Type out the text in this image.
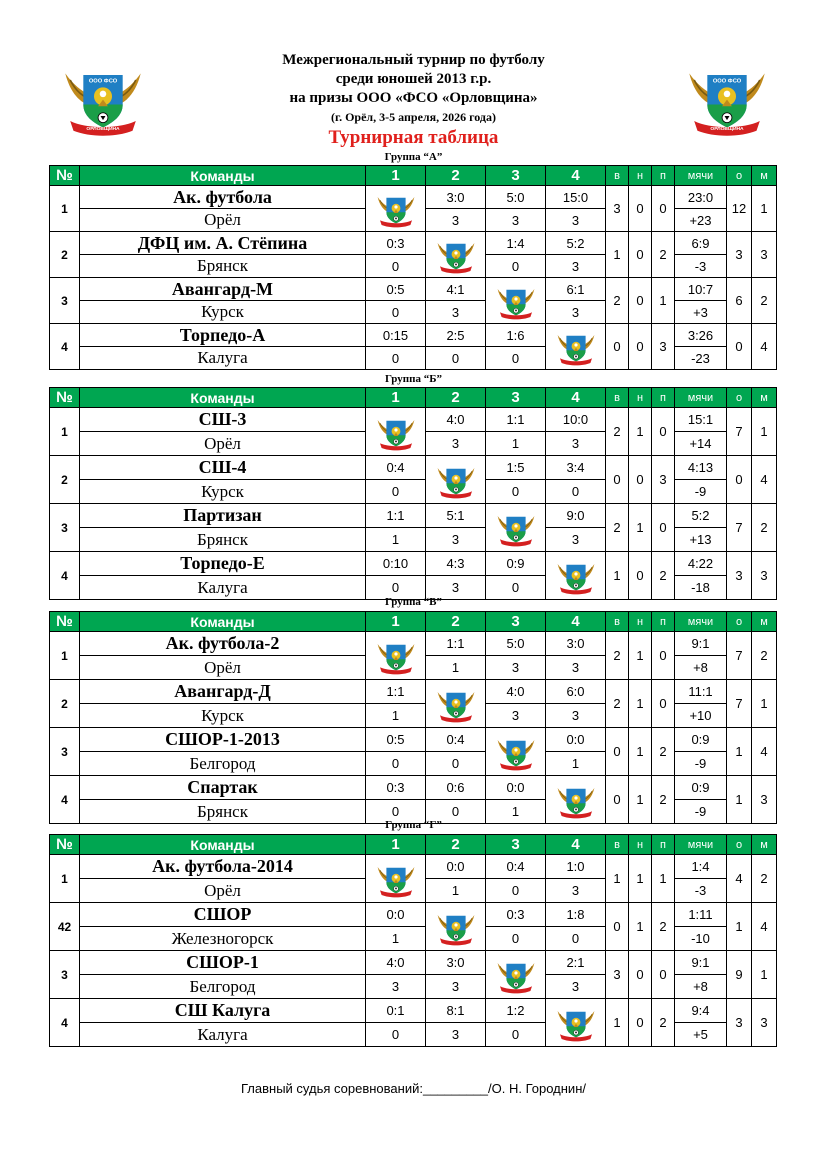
Межрегиональный турнир по футболу
среди юношей 2013 г.р.
на призы ООО «ФСО «Орловщина»
(г. Орёл, 3-5 апреля, 2026 года)
Турнирная таблица
ООО ФСО
ОРЛОВЩИНА
ООО ФСО
ОРЛОВЩИНА
Группа “А”
№	Команды	1	2	3	4	в	н	п	мячи	о	м
1	Ак. футбола		3:0	5:0	15:0	3	0	0	23:0	12	1
	Орёл		3	3	3				+23		
2	ДФЦ им. А. Стёпина	0:3		1:4	5:2	1	0	2	6:9	3	3
	Брянск	0		0	3				-3		
3	Авангард-М	0:5	4:1		6:1	2	0	1	10:7	6	2
	Курск	0	3		3				+3		
4	Торпедо-А	0:15	2:5	1:6		0	0	3	3:26	0	4
	Калуга	0	0	0					-23		
Группа “Б”
№	Команды	1	2	3	4	в	н	п	мячи	о	м
1	СШ-3		4:0	1:1	10:0	2	1	0	15:1	7	1
	Орёл		3	1	3				+14		
2	СШ-4	0:4		1:5	3:4	0	0	3	4:13	0	4
	Курск	0		0	0				-9		
3	Партизан	1:1	5:1		9:0	2	1	0	5:2	7	2
	Брянск	1	3		3				+13		
4	Торпедо-Е	0:10	4:3	0:9		1	0	2	4:22	3	3
	Калуга	0	3	0					-18		
Группа “В”
№	Команды	1	2	3	4	в	н	п	мячи	о	м
1	Ак. футбола-2		1:1	5:0	3:0	2	1	0	9:1	7	2
	Орёл		1	3	3				+8		
2	Авангард-Д	1:1		4:0	6:0	2	1	0	11:1	7	1
	Курск	1		3	3				+10		
3	СШОР-1-2013	0:5	0:4		0:0	0	1	2	0:9	1	4
	Белгород	0	0		1				-9		
4	Спартак	0:3	0:6	0:0		0	1	2	0:9	1	3
	Брянск	0	0	1					-9		
Группа “Г”
№	Команды	1	2	3	4	в	н	п	мячи	о	м
1	Ак. футбола-2014		0:0	0:4	1:0	1	1	1	1:4	4	2
	Орёл		1	0	3				-3		
42	СШОР	0:0		0:3	1:8	0	1	2	1:11	1	4
	Железногорск	1		0	0				-10		
3	СШОР-1	4:0	3:0		2:1	3	0	0	9:1	9	1
	Белгород	3	3		3				+8		
4	СШ Калуга	0:1	8:1	1:2		1	0	2	9:4	3	3
	Калуга	0	3	0					+5		
Главный судья соревнований:_________/О. Н. Городнин/
